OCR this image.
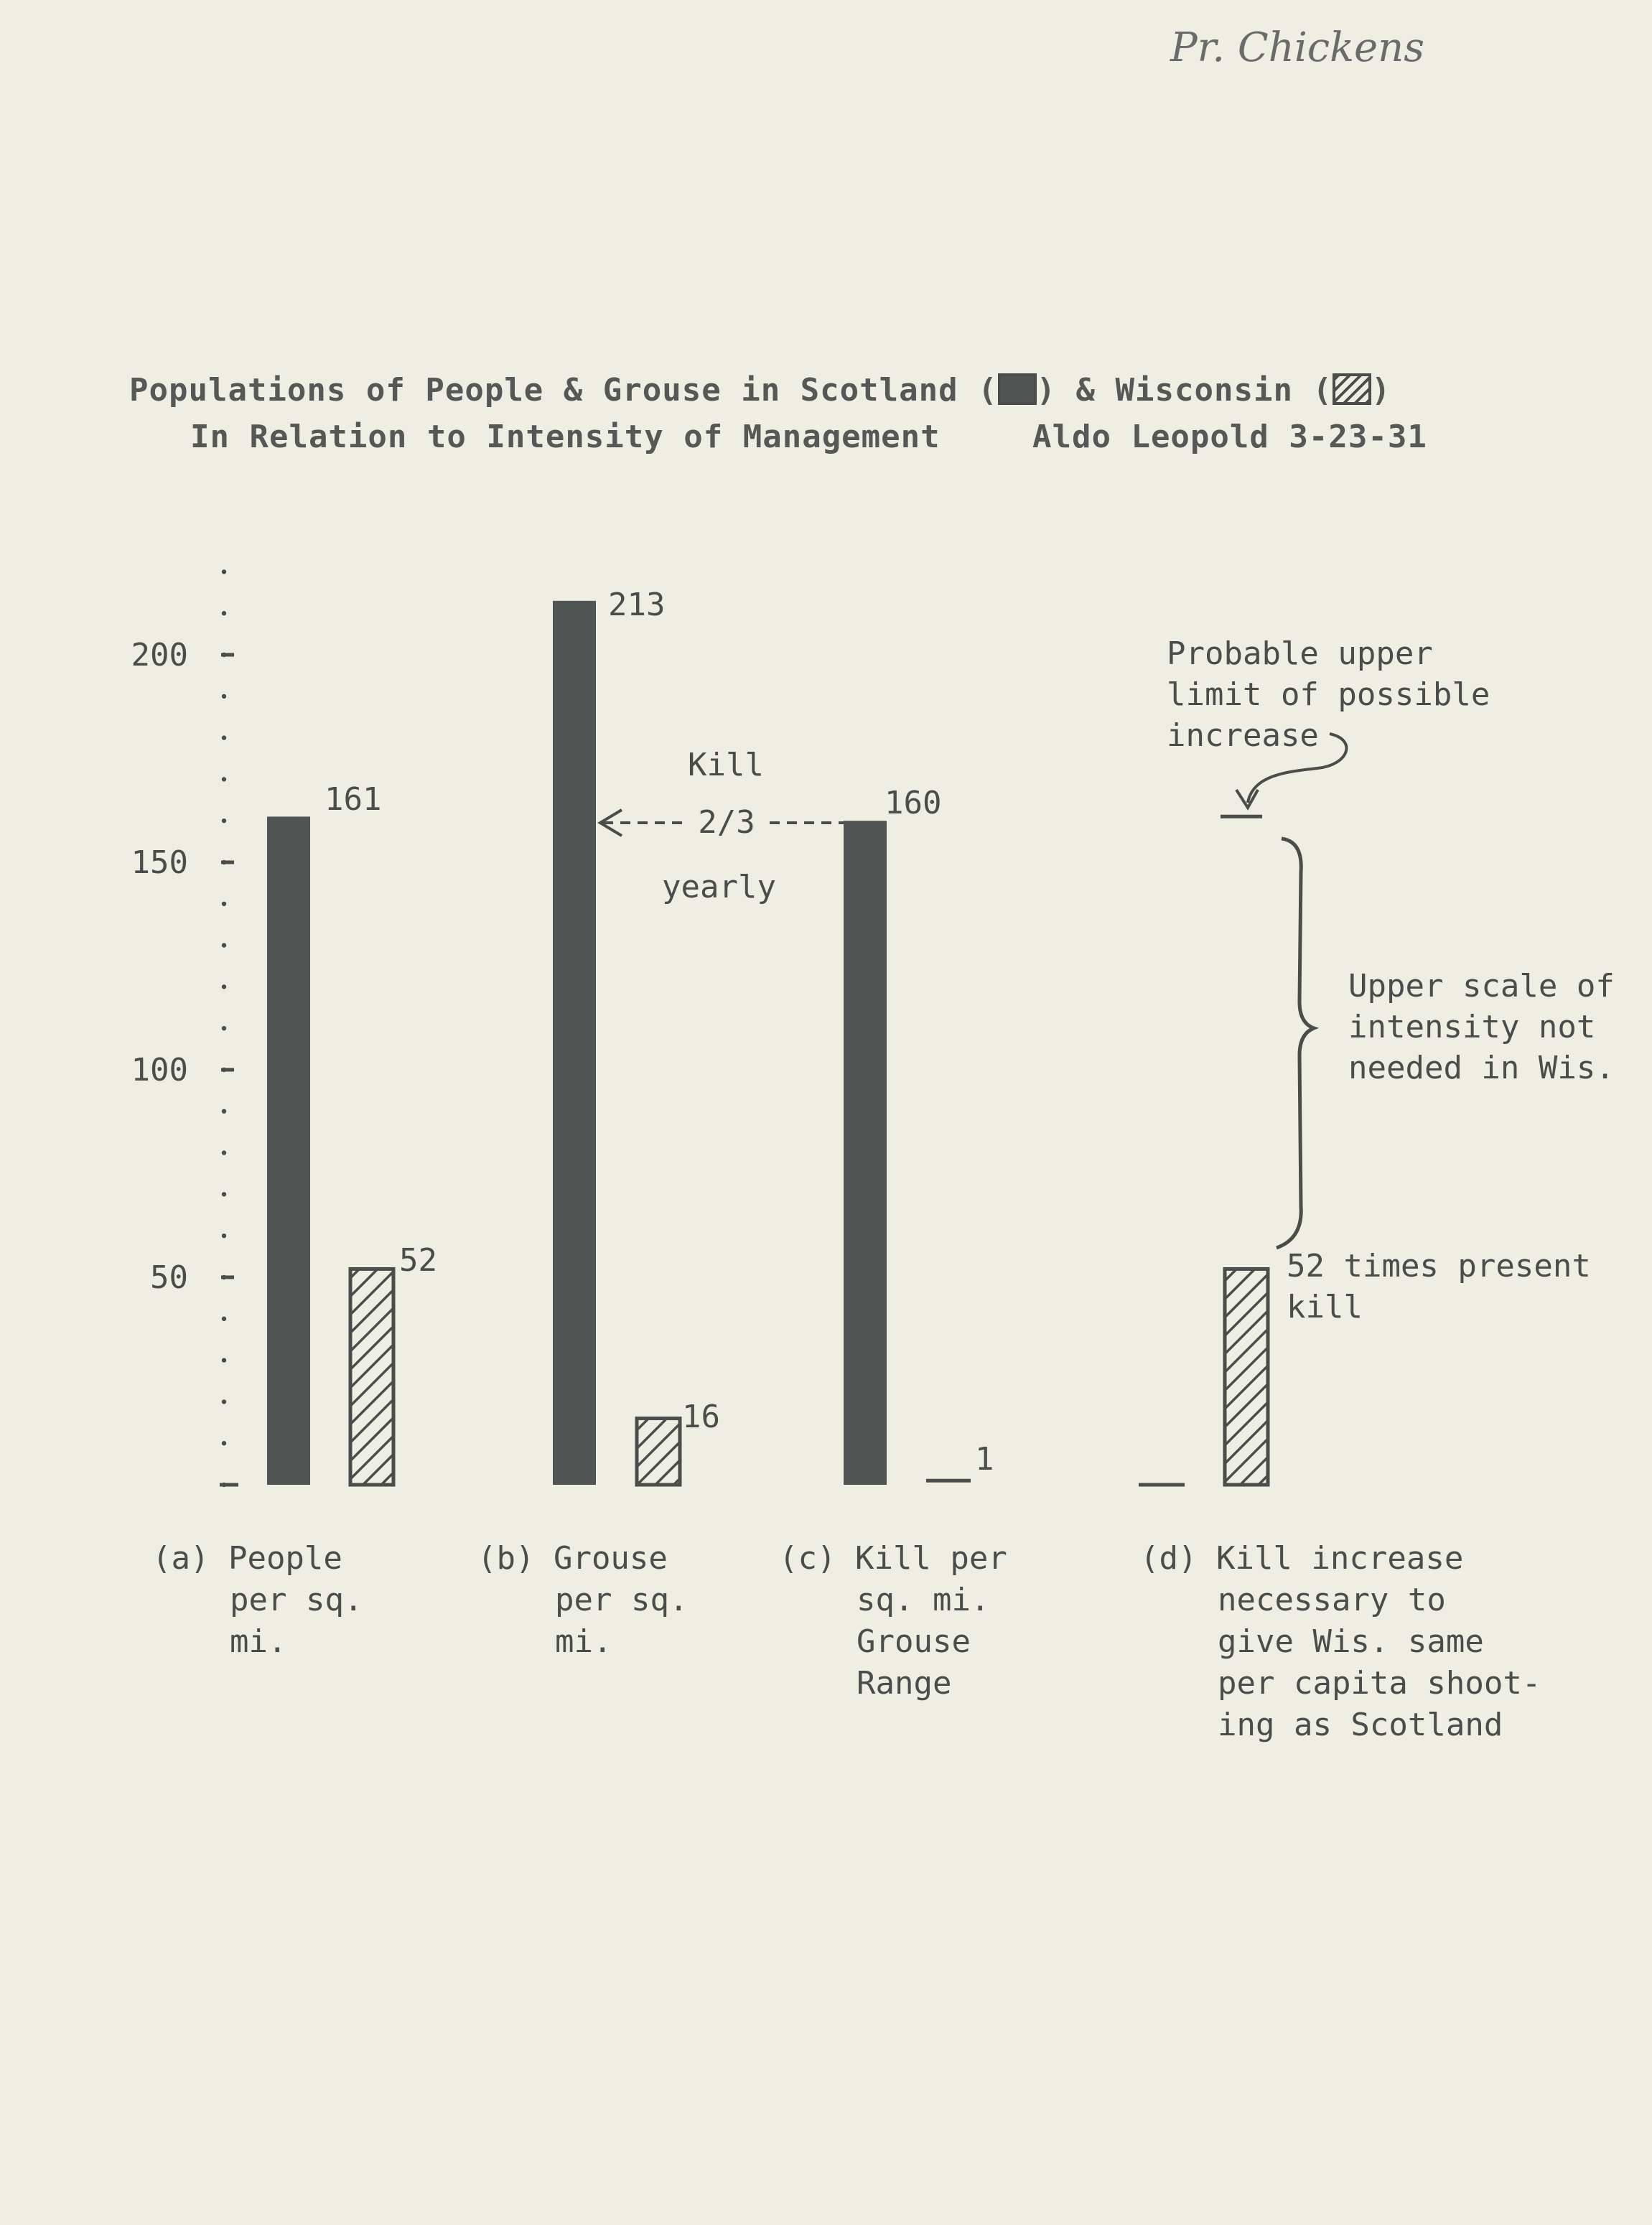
Pr. Chickens
Populations of People & Grouse in Scotland ( ) & Wisconsin ( )
In Relation to Intensity of Management	Aldo Leopold 3-23-31
50
100
150
200
161
52
(a) People
per sq.
mi.
213
16
(b) Grouse
per sq.
mi.
160
1
(c) Kill per
sq. mi.
Grouse
Range
(d) Kill increase
necessary to
give Wis. same
per capita shoot-
ing as Scotland
Kill
2/3
yearly
Probable upper
limit of possible
increase
Upper scale of
intensity not
needed in Wis.
52 times present
kill
